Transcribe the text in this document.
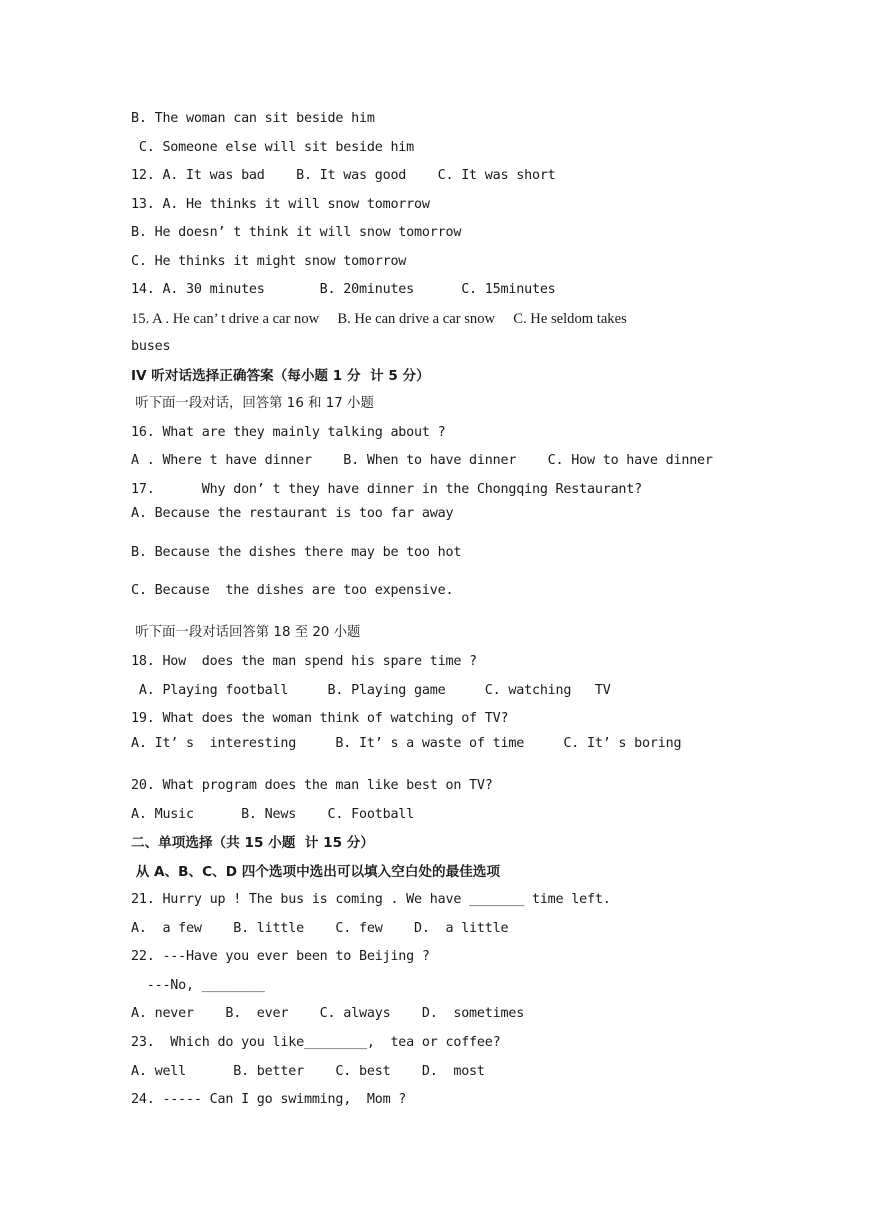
B. The woman can sit beside him
C. Someone else will sit beside him
12. A. It was bad    B. It was good    C. It was short
13. A. He thinks it will snow tomorrow
B. He doesn’ t think it will snow tomorrow
C. He thinks it might snow tomorrow
14. A. 30 minutes       B. 20minutes      C. 15minutes
15. A . He can’ t drive a car now     B. He can drive a car snow     C. He seldom takes
buses
IV 听对话选择正确答案（每小题 1 分  计 5 分）
听下面一段对话，回答第 16 和 17 小题
16. What are they mainly talking about ?
A . Where t have dinner    B. When to have dinner    C. How to have dinner
17.      Why don’ t they have dinner in the Chongqing Restaurant?
A. Because the restaurant is too far away
B. Because the dishes there may be too hot
C. Because  the dishes are too expensive.
听下面一段对话回答第 18 至 20 小题
18. How  does the man spend his spare time ?
A. Playing football     B. Playing game     C. watching   TV
19. What does the woman think of watching of TV?
A. It’ s  interesting     B. It’ s a waste of time     C. It’ s boring
20. What program does the man like best on TV?
A. Music      B. News    C. Football
二、单项选择（共 15 小题  计 15 分）
从 A、B、C、D 四个选项中选出可以填入空白处的最佳选项
21. Hurry up ! The bus is coming . We have _______ time left.
A.  a few    B. little    C. few    D.  a little
22. ---Have you ever been to Beijing ?
---No, ________
A. never    B.  ever    C. always    D.  sometimes
23.  Which do you like________,  tea or coffee?
A. well      B. better    C. best    D.  most
24. ----- Can I go swimming,  Mom ?
